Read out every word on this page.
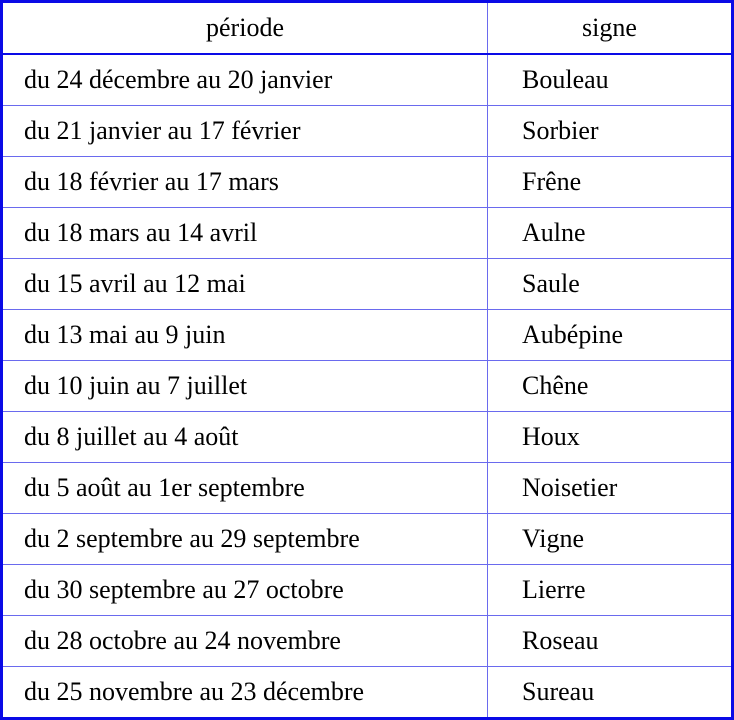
période	signe
du 24 décembre au 20 janvier	Bouleau
du 21 janvier au 17 février	Sorbier
du 18 février au 17 mars	Frêne
du 18 mars au 14 avril	Aulne
du 15 avril au 12 mai	Saule
du 13 mai au 9 juin	Aubépine
du 10 juin au 7 juillet	Chêne
du 8 juillet au 4 août	Houx
du 5 août au 1er septembre	Noisetier
du 2 septembre au 29 septembre	Vigne
du 30 septembre au 27 octobre	Lierre
du 28 octobre au 24 novembre	Roseau
du 25 novembre au 23 décembre	Sureau
